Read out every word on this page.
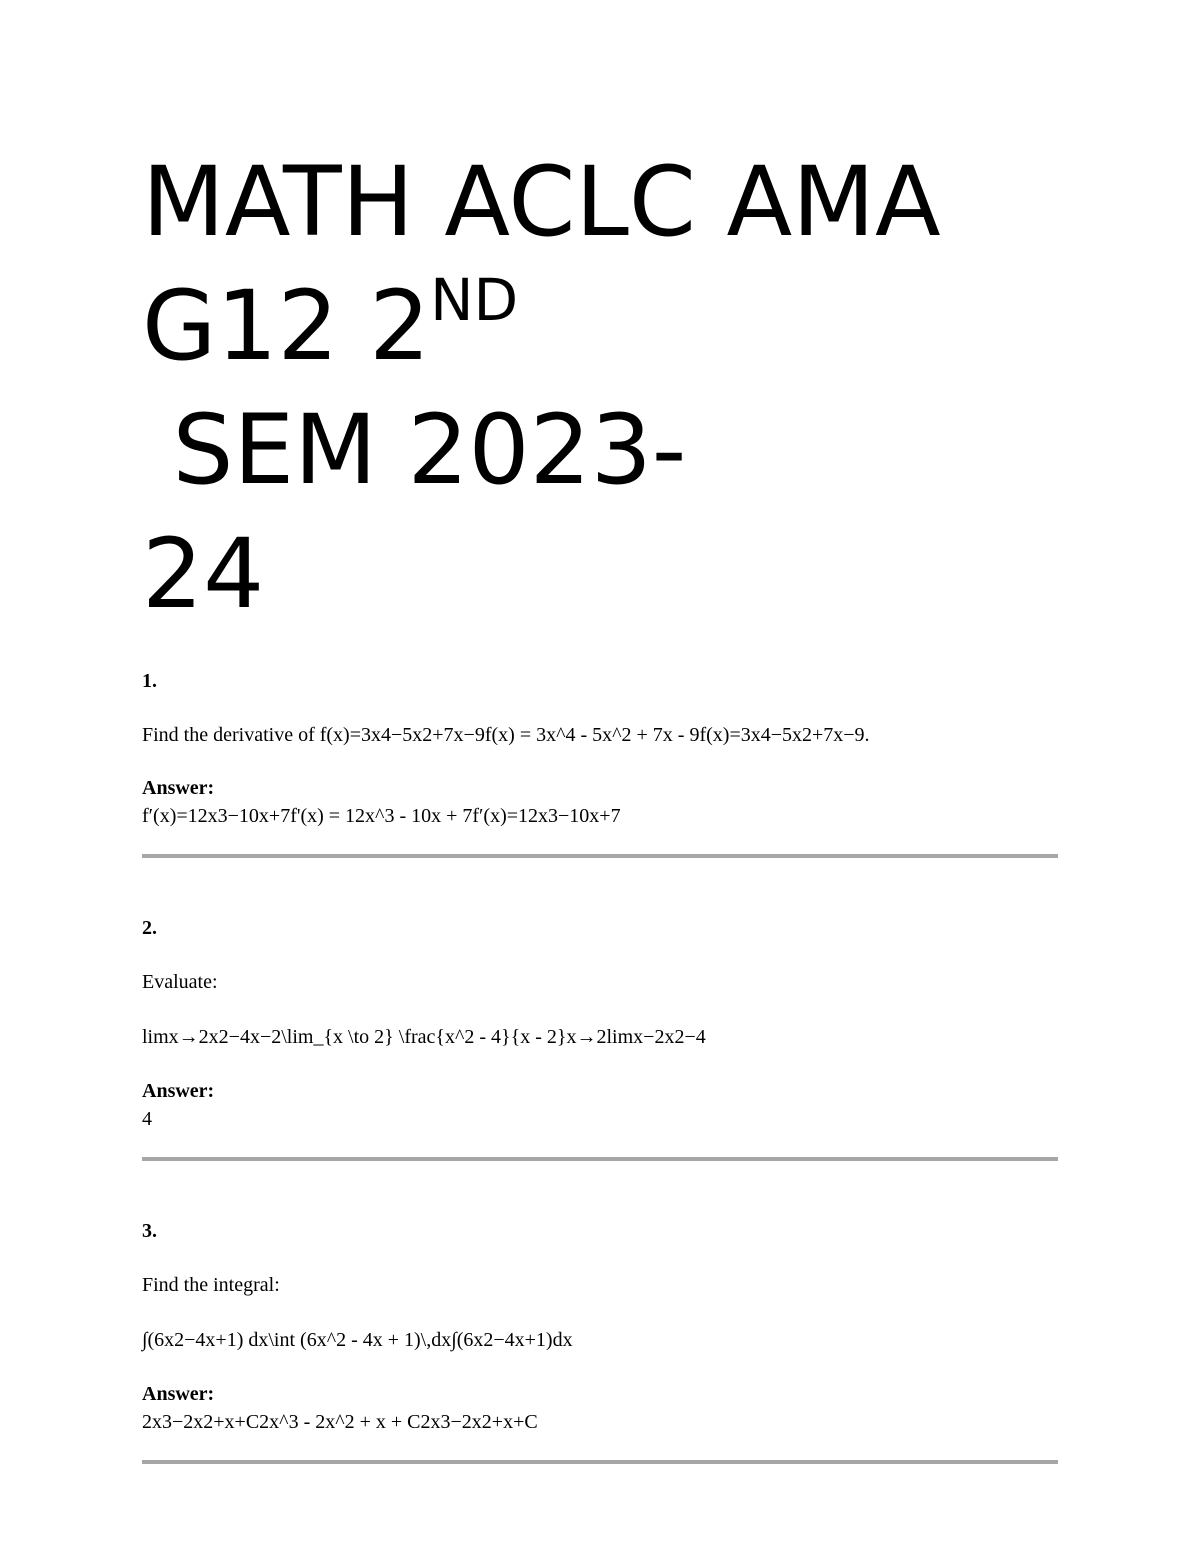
MATH ACLC AMA
G12 2ND SEM 2023-
24

1.

Find the derivative of f(x)=3x4−5x2+7x−9f(x) = 3x^4 - 5x^2 + 7x - 9f(x)=3x4−5x2+7x−9.

Answer:

f′(x)=12x3−10x+7f'(x) = 12x^3 - 10x + 7f′(x)=12x3−10x+7

2.

Evaluate:

limx→2x2−4x−2\lim_{x \to 2} \frac{x^2 - 4}{x - 2}x→2limx−2x2−4

Answer:

4

3.

Find the integral:

∫(6x2−4x+1) dx\int (6x^2 - 4x + 1)\,dx∫(6x2−4x+1)dx

Answer:

2x3−2x2+x+C2x^3 - 2x^2 + x + C2x3−2x2+x+C
